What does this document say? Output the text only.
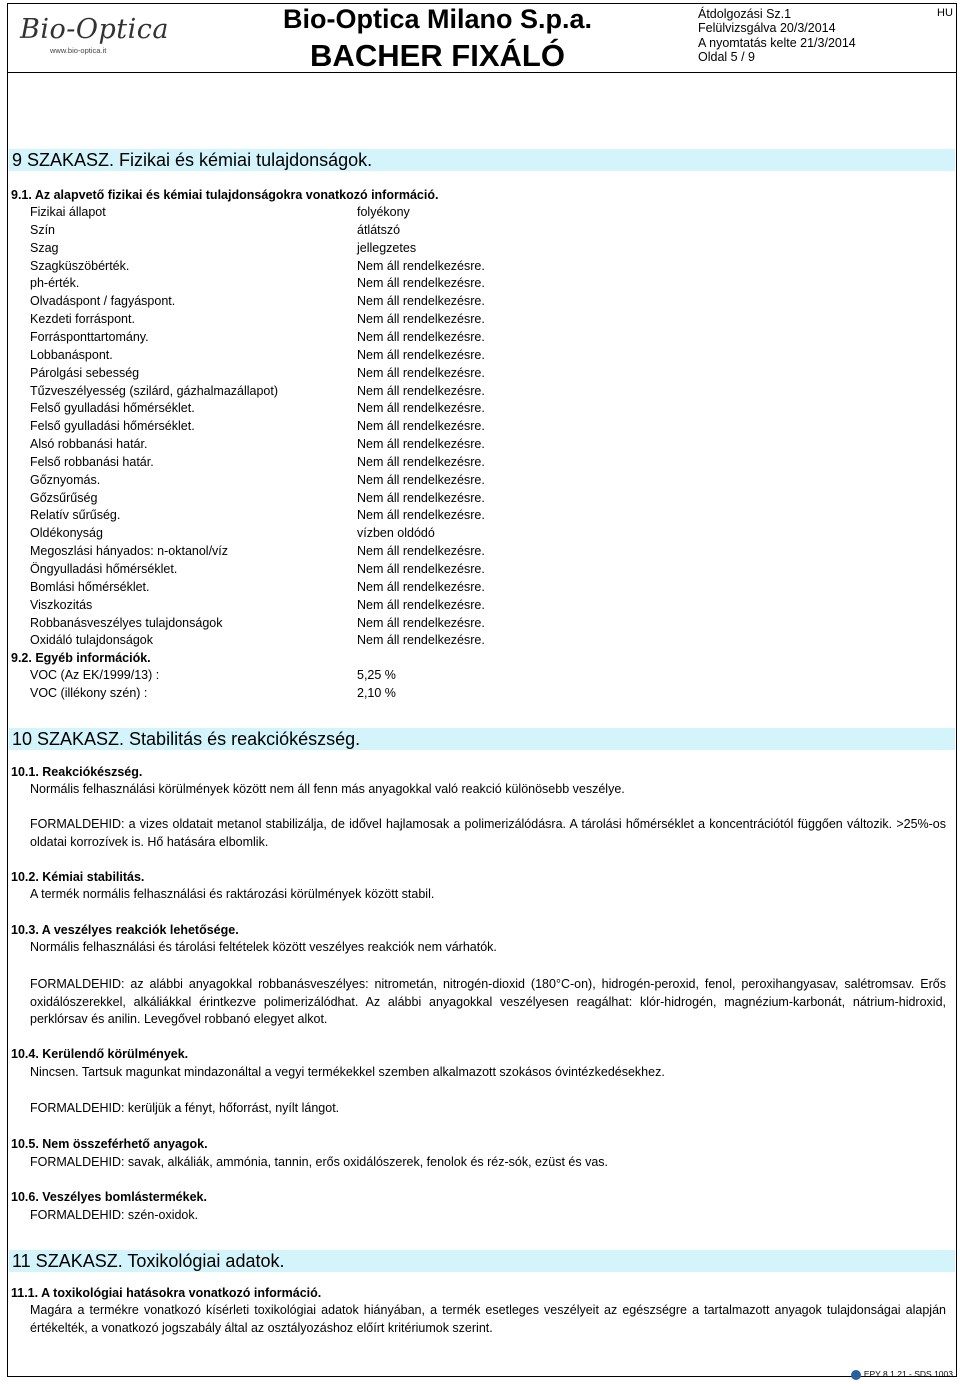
Bio-Optica
www.bio-optica.it
Bio-Optica Milano S.p.a.
BACHER FIXÁLÓ
Átdolgozási Sz.1
Felülvizsgálva 20/3/2014
A nyomtatás kelte 21/3/2014
Oldal 5 / 9
HU
9 SZAKASZ. Fizikai és kémiai tulajdonságok.
9.1. Az alapvető fizikai és kémiai tulajdonságokra vonatkozó információ.
Fizikai állapot	folyékony
Szín	átlátszó
Szag	jellegzetes
Szagküszöbérték.	Nem áll rendelkezésre.
ph-érték.	Nem áll rendelkezésre.
Olvadáspont / fagyáspont.	Nem áll rendelkezésre.
Kezdeti forráspont.	Nem áll rendelkezésre.
Forrásponttartomány.	Nem áll rendelkezésre.
Lobbanáspont.	Nem áll rendelkezésre.
Párolgási sebesség	Nem áll rendelkezésre.
Tűzveszélyesség (szilárd, gázhalmazállapot)	Nem áll rendelkezésre.
Felső gyulladási hőmérséklet.	Nem áll rendelkezésre.
Felső gyulladási hőmérséklet.	Nem áll rendelkezésre.
Alsó robbanási határ.	Nem áll rendelkezésre.
Felső robbanási határ.	Nem áll rendelkezésre.
Gőznyomás.	Nem áll rendelkezésre.
Gőzsűrűség	Nem áll rendelkezésre.
Relatív sűrűség.	Nem áll rendelkezésre.
Oldékonyság	vízben oldódó
Megoszlási hányados: n-oktanol/víz	Nem áll rendelkezésre.
Öngyulladási hőmérséklet.	Nem áll rendelkezésre.
Bomlási hőmérséklet.	Nem áll rendelkezésre.
Viszkozitás	Nem áll rendelkezésre.
Robbanásveszélyes tulajdonságok	Nem áll rendelkezésre.
Oxidáló tulajdonságok	Nem áll rendelkezésre.
9.2. Egyéb információk.
VOC (Az EK/1999/13) :	5,25 %
VOC (illékony szén) :	2,10 %
10 SZAKASZ. Stabilitás és reakciókészség.
10.1. Reakciókészség.
Normális felhasználási körülmények között nem áll fenn más anyagokkal való reakció különösebb veszélye.
FORMALDEHID: a vizes oldatait metanol stabilizálja, de idővel hajlamosak a polimerizálódásra. A tárolási hőmérséklet a koncentrációtól függően változik. >25%-os oldatai korrozívek is. Hő hatására elbomlik.
10.2. Kémiai stabilitás.
A termék normális felhasználási és raktározási körülmények között stabil.
10.3. A veszélyes reakciók lehetősége.
Normális felhasználási és tárolási feltételek között veszélyes reakciók nem várhatók.
FORMALDEHID: az alábbi anyagokkal robbanásveszélyes: nitrometán, nitrogén-dioxid (180°C-on), hidrogén-peroxid, fenol, peroxihangyasav, salétromsav. Erős oxidálószerekkel, alkáliákkal érintkezve polimerizálódhat. Az alábbi anyagokkal veszélyesen reagálhat: klór-hidrogén, magnézium-karbonát, nátrium-hidroxid, perklórsav és anilin. Levegővel robbanó elegyet alkot.
10.4. Kerülendő körülmények.
Nincsen. Tartsuk magunkat mindazonáltal a vegyi termékekkel szemben alkalmazott szokásos óvintézkedésekhez.
FORMALDEHID: kerüljük a fényt, hőforrást, nyílt lángot.
10.5. Nem összeférhető anyagok.
FORMALDEHID: savak, alkáliák, ammónia, tannin, erős oxidálószerek, fenolok és réz-sók, ezüst és vas.
10.6. Veszélyes bomlástermékek.
FORMALDEHID: szén-oxidok.
11 SZAKASZ. Toxikológiai adatok.
11.1. A toxikológiai hatásokra vonatkozó információ.
Magára a termékre vonatkozó kísérleti toxikológiai adatok hiányában, a termék esetleges veszélyeit az egészségre a tartalmazott anyagok tulajdonságai alapján értékelték, a vonatkozó jogszabály által az osztályozáshoz előírt kritériumok szerint.
EPY 8.1.21 - SDS 1003
